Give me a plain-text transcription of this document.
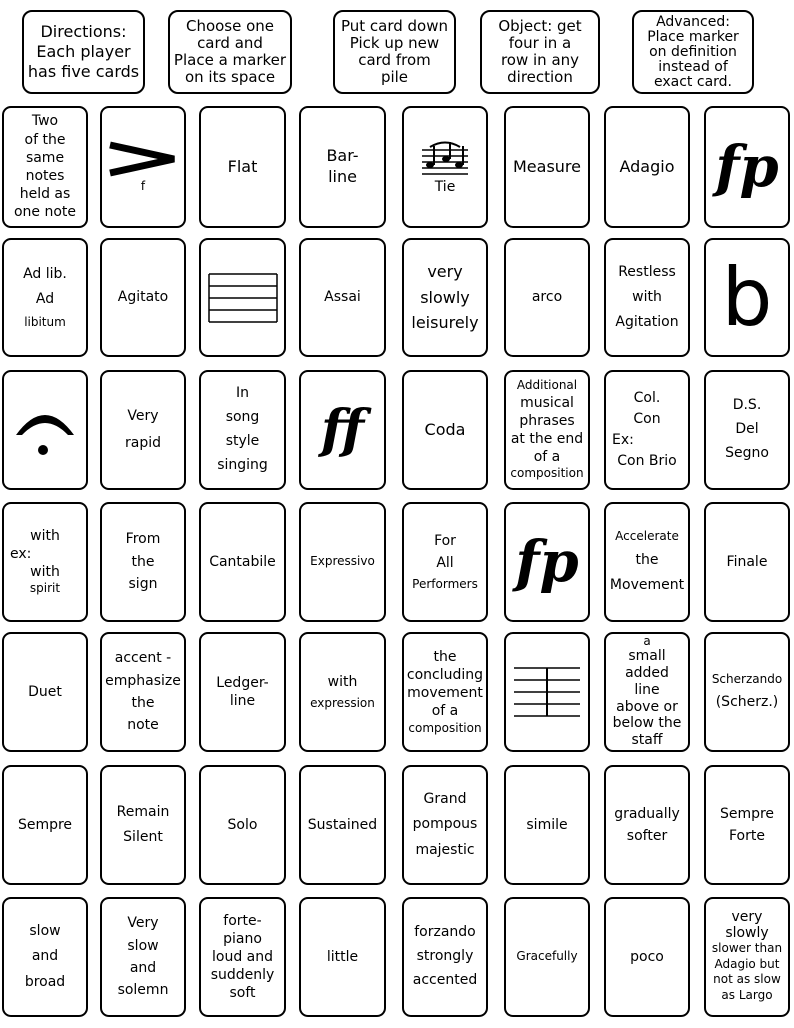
Directions:
Each player
has five cards
Choose one
card and
Place a marker
on its space
Put card down
Pick up new
card from
pile
Object: get
four in a
row in any
direction
Advanced:
Place marker
on definition
instead of
exact card.
Two
of the
same
notes
held as
one note
f
Flat
Bar-
line
Tie
Measure Adagio fp
Ad lib.
Ad
libitum
Agitato	Assai
very
slowly
leisurely
arco
Restless
with
Agitation b
Very
rapid
In
song
style
singing
ff	Coda
Additional
musical
phrases
at the end
of a
composition
Col.
Con
Ex:
Con Brio
D.S.
Del
Segno
with
ex:
with
spirit
From
the
sign
Cantabile	Expressivo
For
All
Performers fp	Accelerate
the
Movement
Finale
Duet
accent -
emphasize
the
note
Ledger-
line
with
expression
the
concluding
movement
of a
composition
a
small
added
line
above or
below the
staff
Scherzando
(Scherz.)
Sempre
Remain
Silent
Solo	Sustained
Grand
pompous
majestic
simile
gradually
softer
Sempre
Forte
slow
and
broad
Very
slow
and
solemn
forte-
piano
loud and
suddenly
soft
little
forzando
strongly
accented
Gracefully	poco
very
slowly
slower than
Adagio but
not as slow
as Largo
